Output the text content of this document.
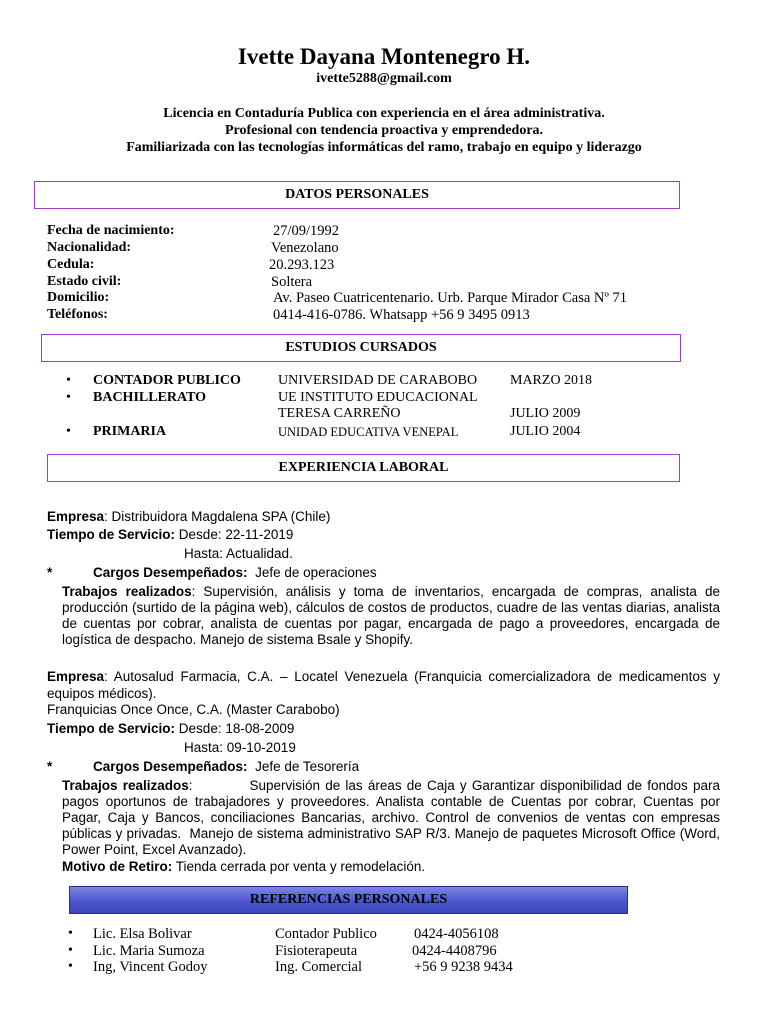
Ivette Dayana Montenegro H.
ivette5288@gmail.com
Licencia en Contaduría Publica con experiencia en el área administrativa.
Profesional con tendencia proactiva y emprendedora.
Familiarizada con las tecnologías informáticas del ramo, trabajo en equipo y liderazgo
DATOS PERSONALES
Fecha de nacimiento:	27/09/1992
Nacionalidad:	Venezolano
Cedula:	20.293.123
Estado civil:	Soltera
Domicilio:	Av. Paseo Cuatricentenario. Urb. Parque Mirador Casa Nº 71
Teléfonos:	0414-416-0786. Whatsapp +56 9 3495 0913
ESTUDIOS CURSADOS
• CONTADOR PUBLICO	UNIVERSIDAD DE CARABOBO MARZO 2018
• BACHILLERATO	UE INSTITUTO EDUCACIONAL
TERESA CARREÑO	JULIO 2009
• PRIMARIA	UNIDAD EDUCATIVA VENEPAL	JULIO 2004
EXPERIENCIA LABORAL
Empresa: Distribuidora Magdalena SPA (Chile)
Tiempo de Servicio: Desde: 22-11-2019
Hasta: Actualidad.
*	Cargos Desempeñados: Jefe de operaciones
Trabajos realizados: Supervisión, análisis y toma de inventarios, encargada de compras, analista de producción (surtido de la página web), cálculos de costos de productos, cuadre de las ventas diarias, analista de cuentas por cobrar, analista de cuentas por pagar, encargada de pago a proveedores, encargada de logística de despacho. Manejo de sistema Bsale y Shopify.
Empresa: Autosalud Farmacia, C.A. – Locatel Venezuela (Franquicia comercializadora de medicamentos y equipos médicos).
Franquicias Once Once, C.A. (Master Carabobo)
Tiempo de Servicio: Desde: 18-08-2009
Hasta: 09-10-2019
*	Cargos Desempeñados: Jefe de Tesorería
Trabajos realizados:           Supervisión de las áreas de Caja y Garantizar disponibilidad de fondos para pagos oportunos de trabajadores y proveedores. Analista contable de Cuentas por cobrar, Cuentas por Pagar, Caja y Bancos, conciliaciones Bancarias, archivo. Control de convenios de ventas con empresas públicas y privadas.  Manejo de sistema administrativo SAP R/3. Manejo de paquetes Microsoft Office (Word, Power Point, Excel Avanzado).
Motivo de Retiro: Tienda cerrada por venta y remodelación.
REFERENCIAS PERSONALES
• Lic. Elsa Bolivar	Contador Publico	0424-4056108
• Lic. Maria Sumoza	Fisioterapeuta	0424-4408796
• Ing, Vincent Godoy	Ing. Comercial	+56 9 9238 9434
